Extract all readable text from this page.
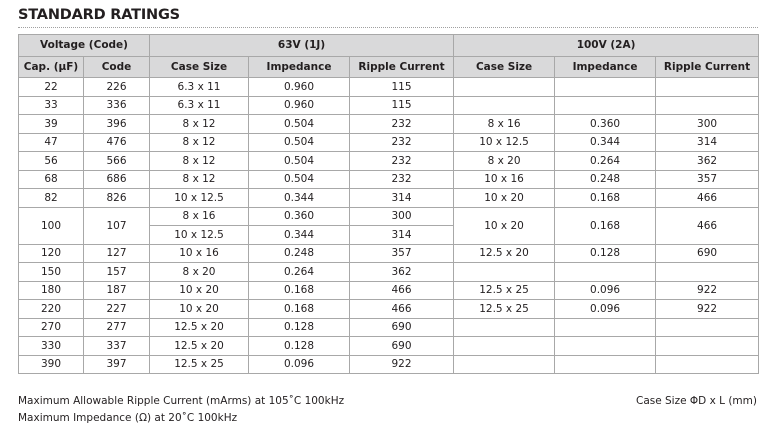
STANDARD RATINGS
Voltage (Code)		63V (1J)			100V (2A)		
Cap. (µF)	Code	Case Size	Impedance	Ripple Current	Case Size	Impedance	Ripple Current
22	226	6.3 x 11	0.960	115			
33	336	6.3 x 11	0.960	115			
39	396	8 x 12	0.504	232	8 x 16	0.360	300
47	476	8 x 12	0.504	232	10 x 12.5	0.344	314
56	566	8 x 12	0.504	232	8 x 20	0.264	362
68	686	8 x 12	0.504	232	10 x 16	0.248	357
82	826	10 x 12.5	0.344	314	10 x 20	0.168	466
100	107	8 x 16	0.360	300	10 x 20	0.168	466
		10 x 12.5	0.344	314			
120	127	10 x 16	0.248	357	12.5 x 20	0.128	690
150	157	8 x 20	0.264	362			
180	187	10 x 20	0.168	466	12.5 x 25	0.096	922
220	227	10 x 20	0.168	466	12.5 x 25	0.096	922
270	277	12.5 x 20	0.128	690			
330	337	12.5 x 20	0.128	690			
390	397	12.5 x 25	0.096	922			
Maximum Allowable Ripple Current (mArms) at 105˚C 100kHz
Maximum Impedance (Ω) at 20˚C 100kHz
Case Size ΦD x L (mm)
